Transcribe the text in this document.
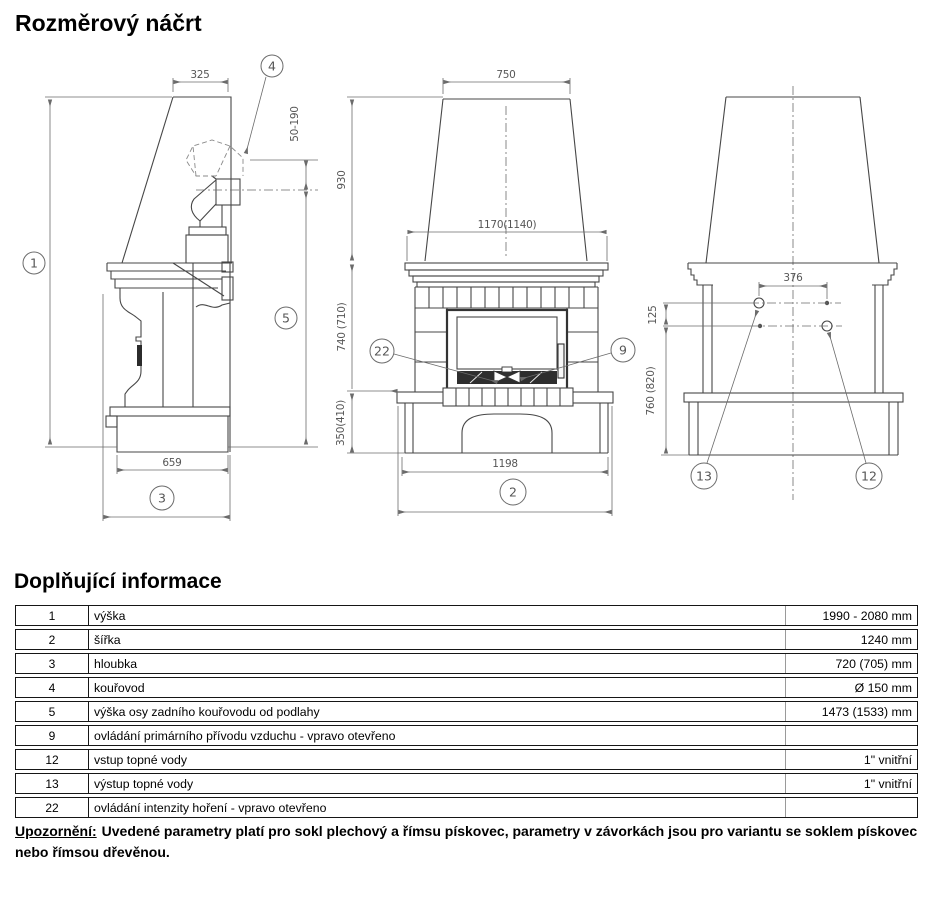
Rozměrový náčrt
325
50-190
659
1
4
5
3
930
750
1170(1140)
740 (710)
350(410)
1198
22	9
2
376
125
760 (820)
13	12
Doplňující informace
1	výška	1990 - 2080 mm
2	šířka	1240 mm
3	hloubka	720 (705) mm
4	kouřovod	Ø 150 mm
5	výška osy zadního kouřovodu od podlahy	1473 (1533) mm
9	ovládání primárního přívodu vzduchu - vpravo otevřeno
12	vstup topné vody	1" vnitřní
13	výstup topné vody	1" vnitřní
22	ovládání intenzity hoření - vpravo otevřeno
Upozornění: Uvedené parametry platí pro sokl plechový a římsu pískovec, parametry v závorkách jsou pro variantu se soklem pískovec nebo římsou dřevěnou.
